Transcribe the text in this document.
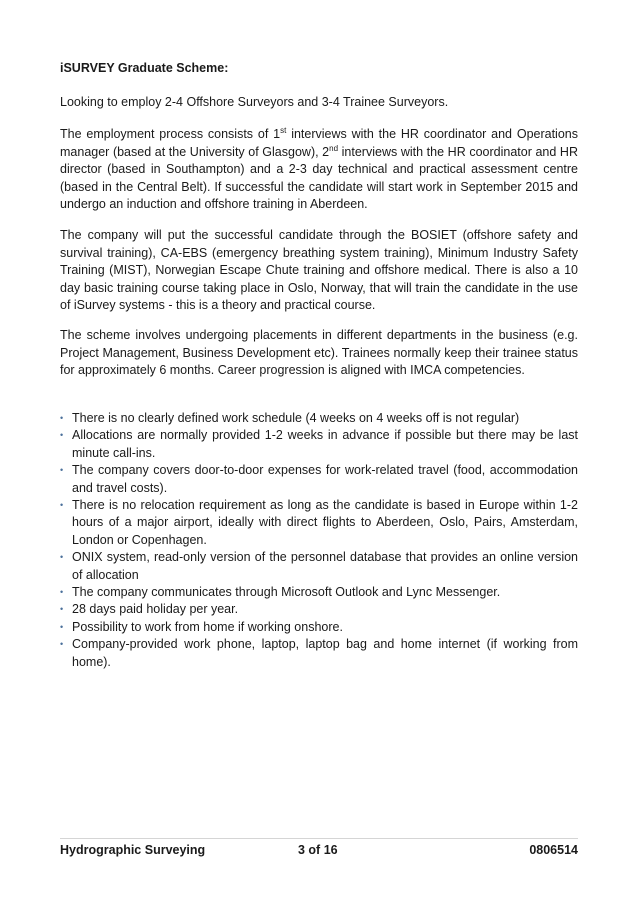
iSURVEY Graduate Scheme:

Looking to employ 2-4 Offshore Surveyors and 3-4 Trainee Surveyors.

The employment process consists of 1st interviews with the HR coordinator and Operations manager (based at the University of Glasgow), 2nd interviews with the HR coordinator and HR director (based in Southampton) and a 2-3 day technical and practical assessment centre (based in the Central Belt). If successful the candidate will start work in September 2015 and undergo an induction and offshore training in Aberdeen.

The company will put the successful candidate through the BOSIET (offshore safety and survival training), CA-EBS (emergency breathing system training), Minimum Industry Safety Training (MIST), Norwegian Escape Chute training and offshore medical. There is also a 10 day basic training course taking place in Oslo, Norway, that will train the candidate in the use of iSurvey systems - this is a theory and practical course.

The scheme involves undergoing placements in different departments in the business (e.g. Project Management, Business Development etc). Trainees normally keep their trainee status for approximately 6 months. Career progression is aligned with IMCA competencies.

• There is no clearly defined work schedule (4 weeks on 4 weeks off is not regular)
• Allocations are normally provided 1-2 weeks in advance if possible but there may be last minute call-ins.
• The company covers door-to-door expenses for work-related travel (food, accommodation and travel costs).
• There is no relocation requirement as long as the candidate is based in Europe within 1-2 hours of a major airport, ideally with direct flights to Aberdeen, Oslo, Pairs, Amsterdam, London or Copenhagen.
• ONIX system, read-only version of the personnel database that provides an online version of allocation
• The company communicates through Microsoft Outlook and Lync Messenger.
• 28 days paid holiday per year.
• Possibility to work from home if working onshore.
• Company-provided work phone, laptop, laptop bag and home internet (if working from home).
Hydrographic Surveying	3 of 16	0806514
